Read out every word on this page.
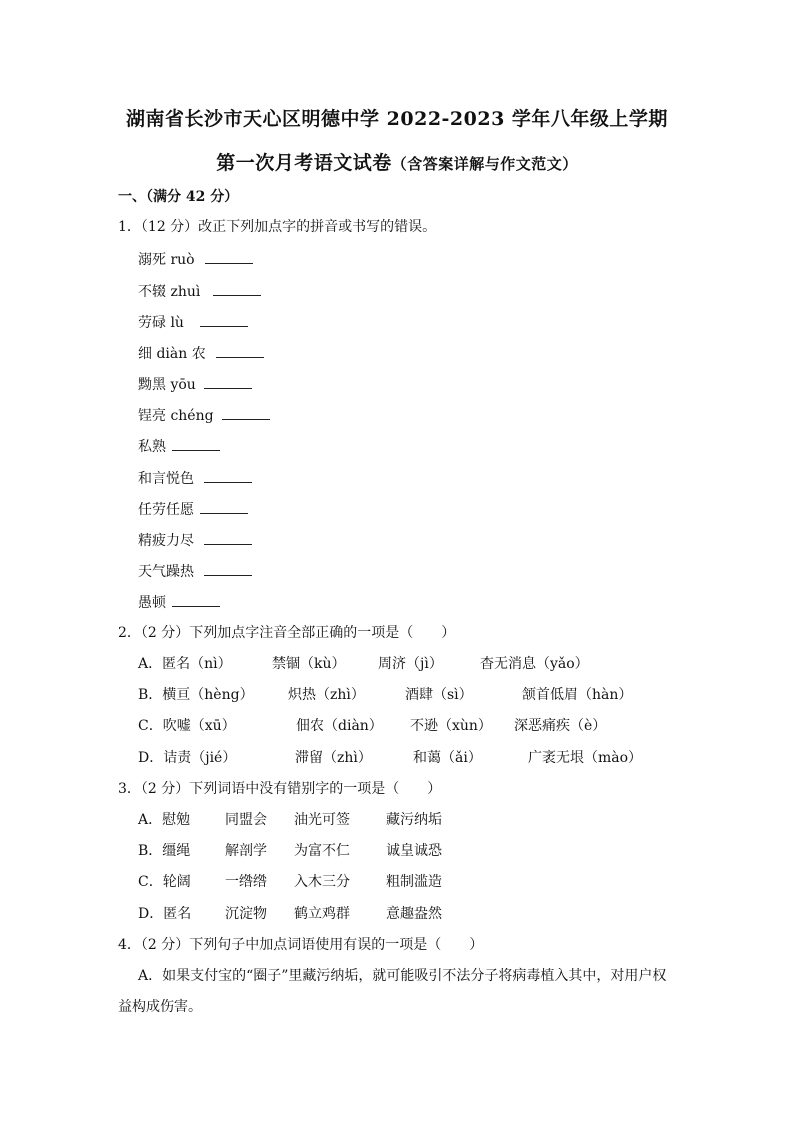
湖南省长沙市天心区明德中学 2022-2023 学年八年级上学期
第一次月考语文试卷（含答案详解与作文范文）
一、（满分 42 分）
1．（12 分）改正下列加点字的拼音或书写的错误。
溺死 ruò
不辍 zhuì
劳碌 lù
细 diàn 农
黝黑 yōu
锃亮 chéng
私熟
和言悦色
任劳任愿
精疲力尽
天气躁热
愚顿
2．（2 分）下列加点字注音全部正确的一项是（　　）
A．匿名（nì）	禁锢（kù） 周济（jì）	杳无消息（yǎo）
B．横亘（hèng） 炽热（zhì）	酒肆（sì）	颔首低眉（hàn）
C．吹嘘（xū）	佃农（diàn） 不逊（xùn） 深恶痛疾（è）
D．诘责（jié）	滞留（zhì）	和蔼（ǎi）	广袤无垠（mào）
3．（2 分）下列词语中没有错别字的一项是（　　）
A．慰勉 同盟会 油光可签	藏污纳垢
B．缰绳 解剖学 为富不仁	诚皇诚恐
C．轮阔 一绺绺 入木三分	粗制滥造
D．匿名 沉淀物 鹤立鸡群	意趣盎然
4．（2 分）下列句子中加点词语使用有误的一项是（　　）
A．如果支付宝的“圈子”里藏污纳垢，就可能吸引不法分子将病毒植入其中，对用户权
益构成伤害。
